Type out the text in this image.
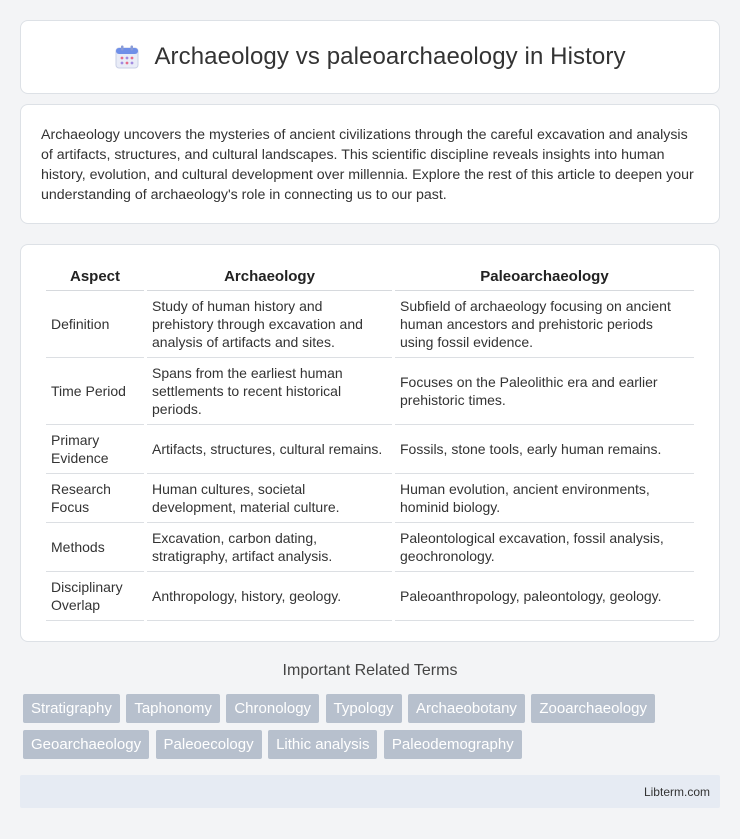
Archaeology vs paleoarchaeology in History

Archaeology uncovers the mysteries of ancient civilizations through the careful excavation and analysis of artifacts, structures, and cultural landscapes. This scientific discipline reveals insights into human history, evolution, and cultural development over millennia. Explore the rest of this article to deepen your understanding of archaeology's role in connecting us to our past.

Aspect	Archaeology	Paleoarchaeology
Definition	Study of human history and prehistory through excavation and analysis of artifacts and sites.	Subfield of archaeology focusing on ancient human ancestors and prehistoric periods using fossil evidence.
Time Period	Spans from the earliest human settlements to recent historical periods.	Focuses on the Paleolithic era and earlier prehistoric times.
Primary Evidence	Artifacts, structures, cultural remains.	Fossils, stone tools, early human remains.
Research Focus	Human cultures, societal development, material culture.	Human evolution, ancient environments, hominid biology.
Methods	Excavation, carbon dating, stratigraphy, artifact analysis.	Paleontological excavation, fossil analysis, geochronology.
Disciplinary Overlap	Anthropology, history, geology.	Paleoanthropology, paleontology, geology.
Important Related Terms
Stratigraphy Taphonomy Chronology Typology Archaeobotany Zooarchaeology Geoarchaeology Paleoecology Lithic analysis Paleodemography
Libterm.com
